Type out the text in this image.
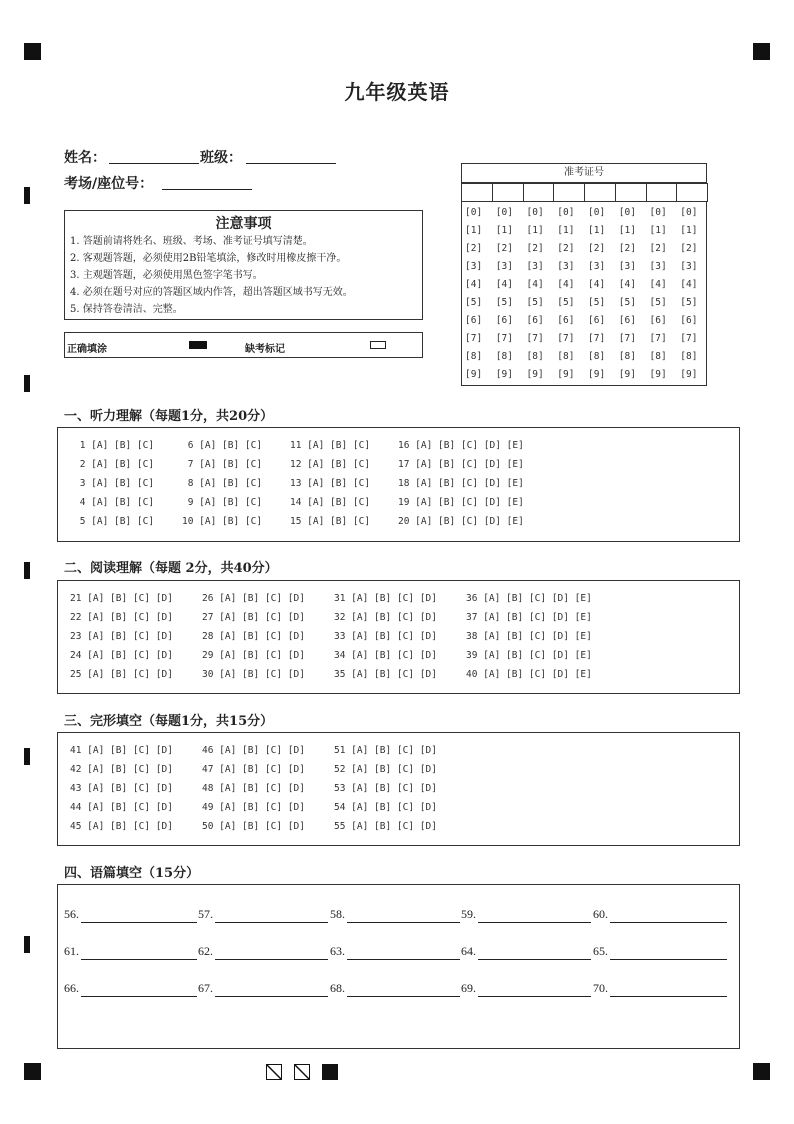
九年级英语
姓名：	班级：
考场/座位号：
注意事项
1. 答题前请将姓名、班级、考场、准考证号填写清楚。
2. 客观题答题，必须使用2B铅笔填涂，修改时用橡皮擦干净。
3. 主观题答题，必须使用黑色签字笔书写。
4. 必须在题号对应的答题区域内作答，超出答题区域书写无效。
5. 保持答卷清洁、完整。
正确填涂	缺考标记
准考证号
[0] [0] [0] [0] [0] [0] [0] [0]
[1] [1] [1] [1] [1] [1] [1] [1]
[2] [2] [2] [2] [2] [2] [2] [2]
[3] [3] [3] [3] [3] [3] [3] [3]
[4] [4] [4] [4] [4] [4] [4] [4]
[5] [5] [5] [5] [5] [5] [5] [5]
[6] [6] [6] [6] [6] [6] [6] [6]
[7] [7] [7] [7] [7] [7] [7] [7]
[8] [8] [8] [8] [8] [8] [8] [8]
[9] [9] [9] [9] [9] [9] [9] [9]
一、听力理解（每题1分，共20分）
1 [A] [B] [C]
2 [A] [B] [C]
3 [A] [B] [C]
4 [A] [B] [C]
5 [A] [B] [C]
6 [A] [B] [C]
7 [A] [B] [C]
8 [A] [B] [C]
9 [A] [B] [C]
10 [A] [B] [C]
11 [A] [B] [C]
12 [A] [B] [C]
13 [A] [B] [C]
14 [A] [B] [C]
15 [A] [B] [C]
16 [A] [B] [C] [D] [E]
17 [A] [B] [C] [D] [E]
18 [A] [B] [C] [D] [E]
19 [A] [B] [C] [D] [E]
20 [A] [B] [C] [D] [E]
二、阅读理解（每题 2分，共40分）
21 [A] [B] [C] [D]
22 [A] [B] [C] [D]
23 [A] [B] [C] [D]
24 [A] [B] [C] [D]
25 [A] [B] [C] [D]
26 [A] [B] [C] [D]
27 [A] [B] [C] [D]
28 [A] [B] [C] [D]
29 [A] [B] [C] [D]
30 [A] [B] [C] [D]
31 [A] [B] [C] [D]
32 [A] [B] [C] [D]
33 [A] [B] [C] [D]
34 [A] [B] [C] [D]
35 [A] [B] [C] [D]
36 [A] [B] [C] [D] [E]
37 [A] [B] [C] [D] [E]
38 [A] [B] [C] [D] [E]
39 [A] [B] [C] [D] [E]
40 [A] [B] [C] [D] [E]
三、完形填空（每题1分，共15分）
41 [A] [B] [C] [D]
42 [A] [B] [C] [D]
43 [A] [B] [C] [D]
44 [A] [B] [C] [D]
45 [A] [B] [C] [D]
46 [A] [B] [C] [D]
47 [A] [B] [C] [D]
48 [A] [B] [C] [D]
49 [A] [B] [C] [D]
50 [A] [B] [C] [D]
51 [A] [B] [C] [D]
52 [A] [B] [C] [D]
53 [A] [B] [C] [D]
54 [A] [B] [C] [D]
55 [A] [B] [C] [D]
四、语篇填空（15分）
56.	57.	58.	59.	60.
61.	62.	63.	64.	65.
66.	67.	68.	69.	70.
